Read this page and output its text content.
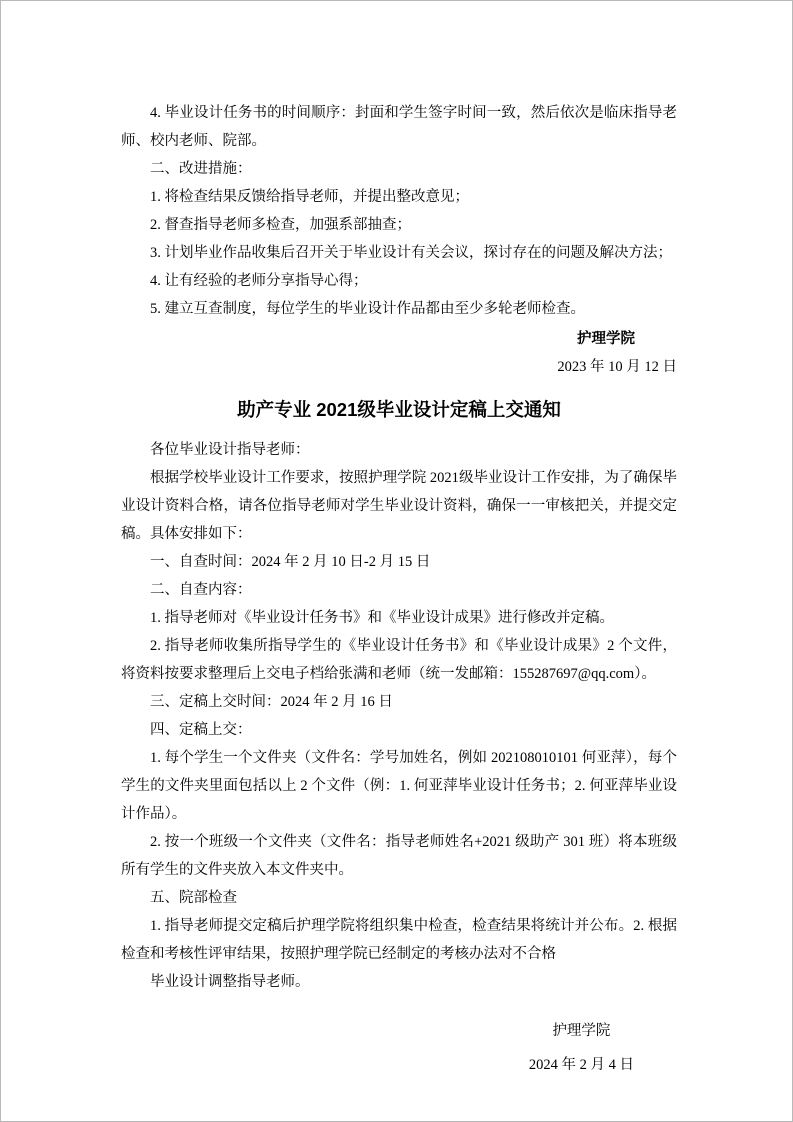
4. 毕业设计任务书的时间顺序：封面和学生签字时间一致，然后依次是临床指导老师、校内老师、院部。

二、改进措施：

1. 将检查结果反馈给指导老师，并提出整改意见；

2. 督查指导老师多检查，加强系部抽查；

3. 计划毕业作品收集后召开关于毕业设计有关会议，探讨存在的问题及解决方法；

4. 让有经验的老师分享指导心得；

5. 建立互查制度，每位学生的毕业设计作品都由至少多轮老师检查。

护理学院
2023 年 10 月 12 日
助产专业 2021级毕业设计定稿上交通知

各位毕业设计指导老师：

根据学校毕业设计工作要求，按照护理学院 2021级毕业设计工作安排，为了确保毕业设计资料合格，请各位指导老师对学生毕业设计资料，确保一一审核把关，并提交定稿。具体安排如下：

一、自查时间：2024 年 2 月 10 日-2 月 15 日

二、自查内容：

1. 指导老师对《毕业设计任务书》和《毕业设计成果》进行修改并定稿。

2. 指导老师收集所指导学生的《毕业设计任务书》和《毕业设计成果》2 个文件，将资料按要求整理后上交电子档给张满和老师（统一发邮箱：155287697@qq.com）。

三、定稿上交时间：2024 年 2 月 16 日

四、定稿上交：

1. 每个学生一个文件夹（文件名：学号加姓名，例如 202108010101 何亚萍），每个学生的文件夹里面包括以上 2 个文件（例：1. 何亚萍毕业设计任务书；2. 何亚萍毕业设计作品）。

2. 按一个班级一个文件夹（文件名：指导老师姓名+2021 级助产 301 班）将本班级所有学生的文件夹放入本文件夹中。

五、院部检查

1. 指导老师提交定稿后护理学院将组织集中检查，检查结果将统计并公布。2. 根据检查和考核性评审结果，按照护理学院已经制定的考核办法对不合格

毕业设计调整指导老师。

护理学院
2024 年 2 月 4 日
